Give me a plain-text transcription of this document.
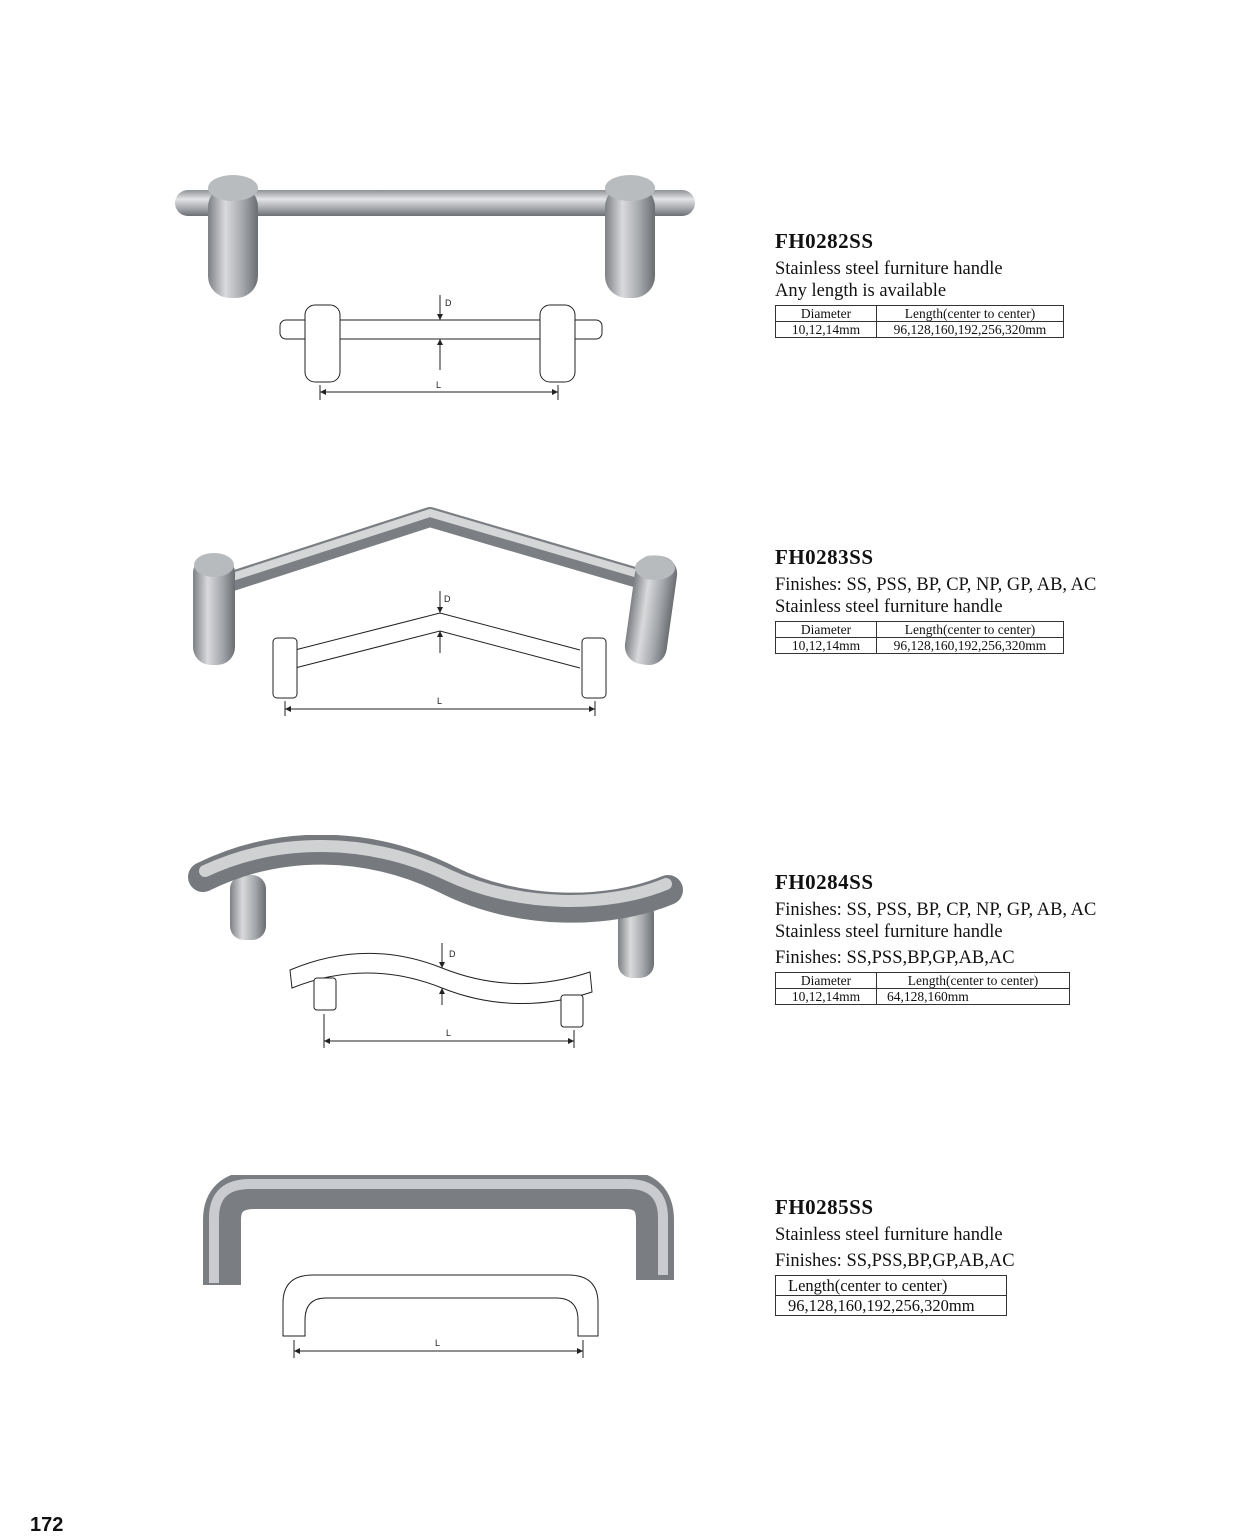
D
L
FH0282SS
Stainless steel furniture handle
Any length is available
Diameter	Length(center to center)
10,12,14mm	96,128,160,192,256,320mm
D
L
FH0283SS
Finishes: SS, PSS, BP, CP, NP, GP, AB, AC
Stainless steel furniture handle
Diameter	Length(center to center)
10,12,14mm	96,128,160,192,256,320mm
D
L
FH0284SS
Finishes: SS, PSS, BP, CP, NP, GP, AB, AC
Stainless steel furniture handle
Finishes: SS,PSS,BP,GP,AB,AC
Diameter	Length(center to center)
10,12,14mm	64,128,160mm
L
FH0285SS
Stainless steel furniture handle
Finishes: SS,PSS,BP,GP,AB,AC
Length(center to center)
96,128,160,192,256,320mm
172
